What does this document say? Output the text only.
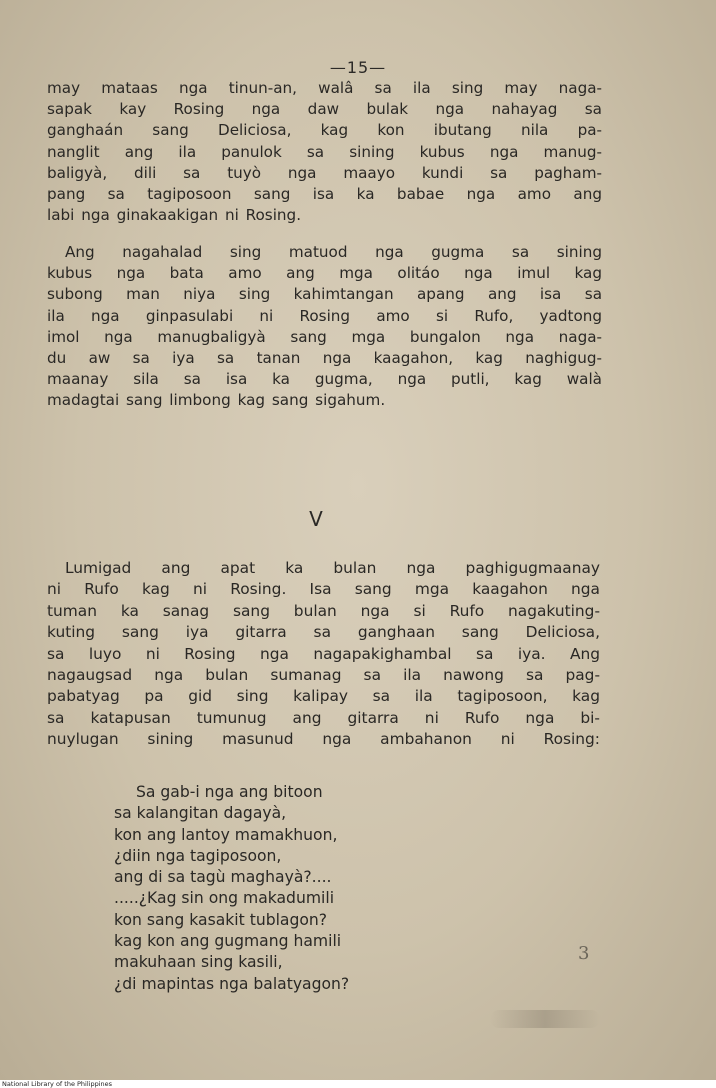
—15—

may mataas nga tinun-an, walâ sa ila sing may naga-
sapak kay Rosing nga daw bulak nga nahayag sa
ganghaán sang Deliciosa, kag kon ibutang nila pa-
nanglit ang ila panulok sa sining kubus nga manug-
baligyà, dili sa tuyò nga maayo kundi sa pagham-
pang sa tagiposoon sang isa ka babae nga amo ang
labi nga ginakaakigan ni Rosing.

Ang nagahalad sing matuod nga gugma sa sining
kubus nga bata amo ang mga olitáo nga imul kag
subong man niya sing kahimtangan apang ang isa sa
ila nga ginpasulabi ni Rosing amo si Rufo, yadtong
imol nga manugbaligyà sang mga bungalon nga naga-
du aw sa iya sa tanan nga kaagahon, kag naghigug-
maanay sila sa isa ka gugma, nga putli, kag walà
madagtai sang limbong kag sang sigahum.

V

Lumigad ang apat ka bulan nga paghigugmaanay
ni Rufo kag ni Rosing. Isa sang mga kaagahon nga
tuman ka sanag sang bulan nga si Rufo nagakuting-
kuting sang iya gitarra sa ganghaan sang Deliciosa,
sa luyo ni Rosing nga nagapakighambal sa iya. Ang
nagaugsad nga bulan sumanag sa ila nawong sa pag-
pabatyag pa gid sing kalipay sa ila tagiposoon, kag
sa katapusan tumunug ang gitarra ni Rufo nga bi-
nuylugan sining masunud nga ambahanon ni Rosing:

Sa gab-i nga ang bitoon
sa kalangitan dagayà,
kon ang lantoy mamakhuon,
¿diin nga tagiposoon,
ang di sa tagù maghayà?....
.....¿Kag sin ong makadumili
kon sang kasakit tublagon?
kag kon ang gugmang hamili
makuhaan sing kasili,
¿di mapintas nga balatyagon?
3
National Library of the Philippines
